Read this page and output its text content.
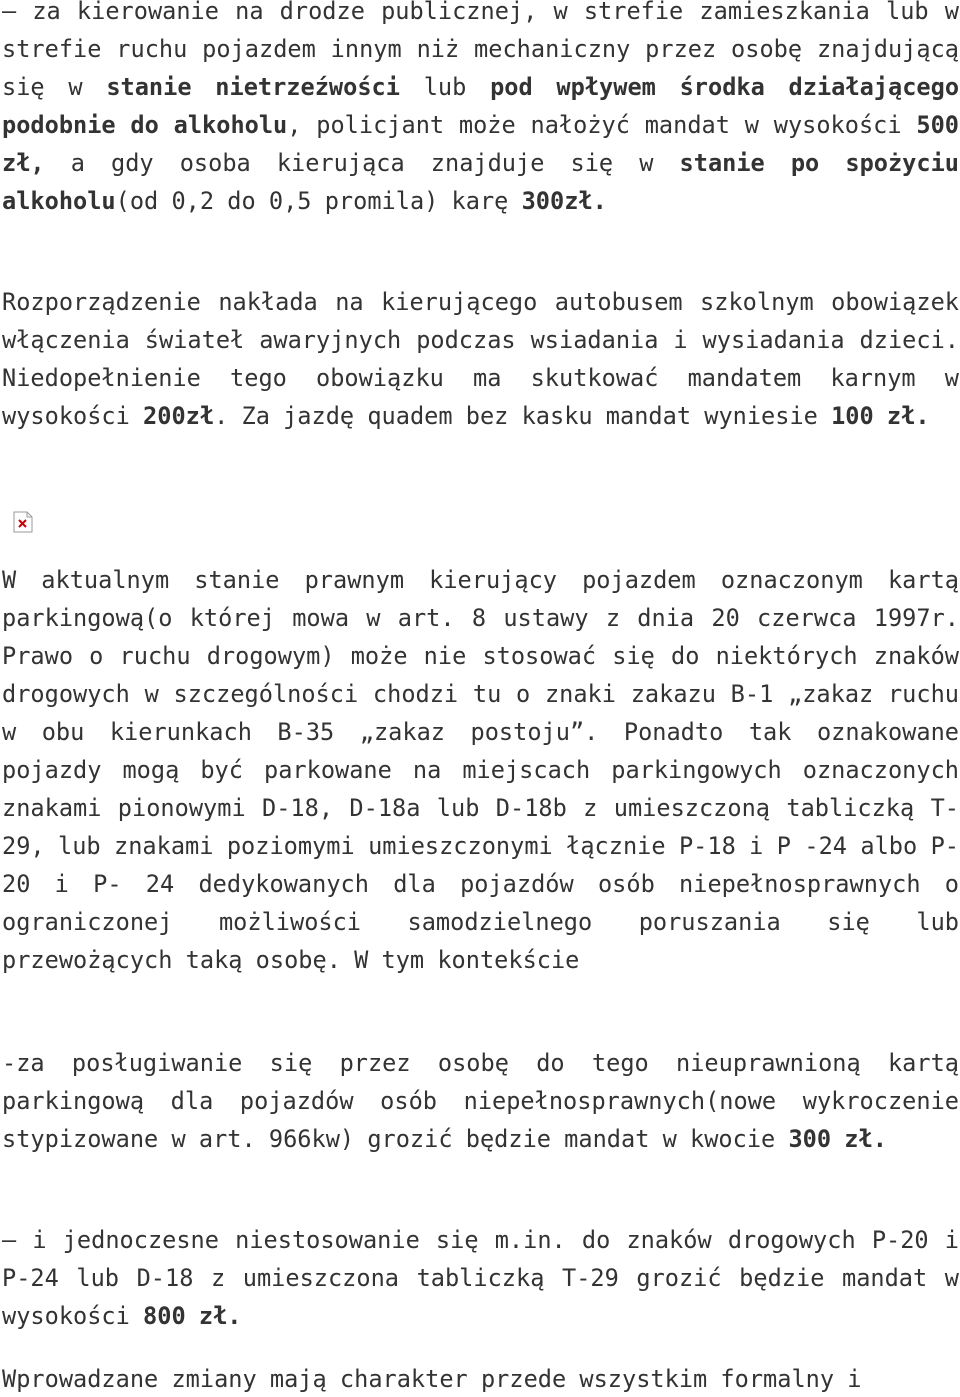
– za kierowanie na drodze publicznej, w strefie zamieszkania lub w strefie ruchu pojazdem innym niż mechaniczny przez osobę znajdującą się w stanie nietrzeźwości lub pod wpływem środka działającego podobnie do alkoholu, policjant może nałożyć mandat w wysokości 500 zł, a gdy osoba kierująca znajduje się w stanie po spożyciu alkoholu(od 0,2 do 0,5 promila) karę 300zł.

Rozporządzenie nakłada na kierującego autobusem szkolnym obowiązek włączenia świateł awaryjnych podczas wsiadania i wysiadania dzieci. Niedopełnienie tego obowiązku ma skutkować mandatem karnym w wysokości 200zł. Za jazdę quadem bez kasku mandat wyniesie 100 zł.

W aktualnym stanie prawnym kierujący pojazdem oznaczonym kartą parkingową(o której mowa w art. 8 ustawy z dnia 20 czerwca 1997r. Prawo o ruchu drogowym) może nie stosować się do niektórych znaków drogowych w szczególności chodzi tu o znaki zakazu B-1 „zakaz ruchu w obu kierunkach B-35 „zakaz postoju”. Ponadto tak oznakowane pojazdy mogą być parkowane na miejscach parkingowych oznaczonych znakami pionowymi D-18, D-18a lub D-18b z umieszczoną tabliczką T-29, lub znakami poziomymi umieszczonymi łącznie P-18 i P -24 albo P- 20 i P- 24 dedykowanych dla pojazdów osób niepełnosprawnych o ograniczonej możliwości samodzielnego poruszania się lub przewożących taką osobę. W tym kontekście

-za posługiwanie się przez osobę do tego nieuprawnioną kartą parkingową dla pojazdów osób niepełnosprawnych(nowe wykroczenie stypizowane w art. 966kw) grozić będzie mandat w kwocie 300 zł.

– i jednoczesne niestosowanie się m.in. do znaków drogowych P-20 i P-24 lub D-18 z umieszczona tabliczką T-29 grozić będzie mandat w wysokości 800 zł.

Wprowadzane zmiany mają charakter przede wszystkim formalny i
